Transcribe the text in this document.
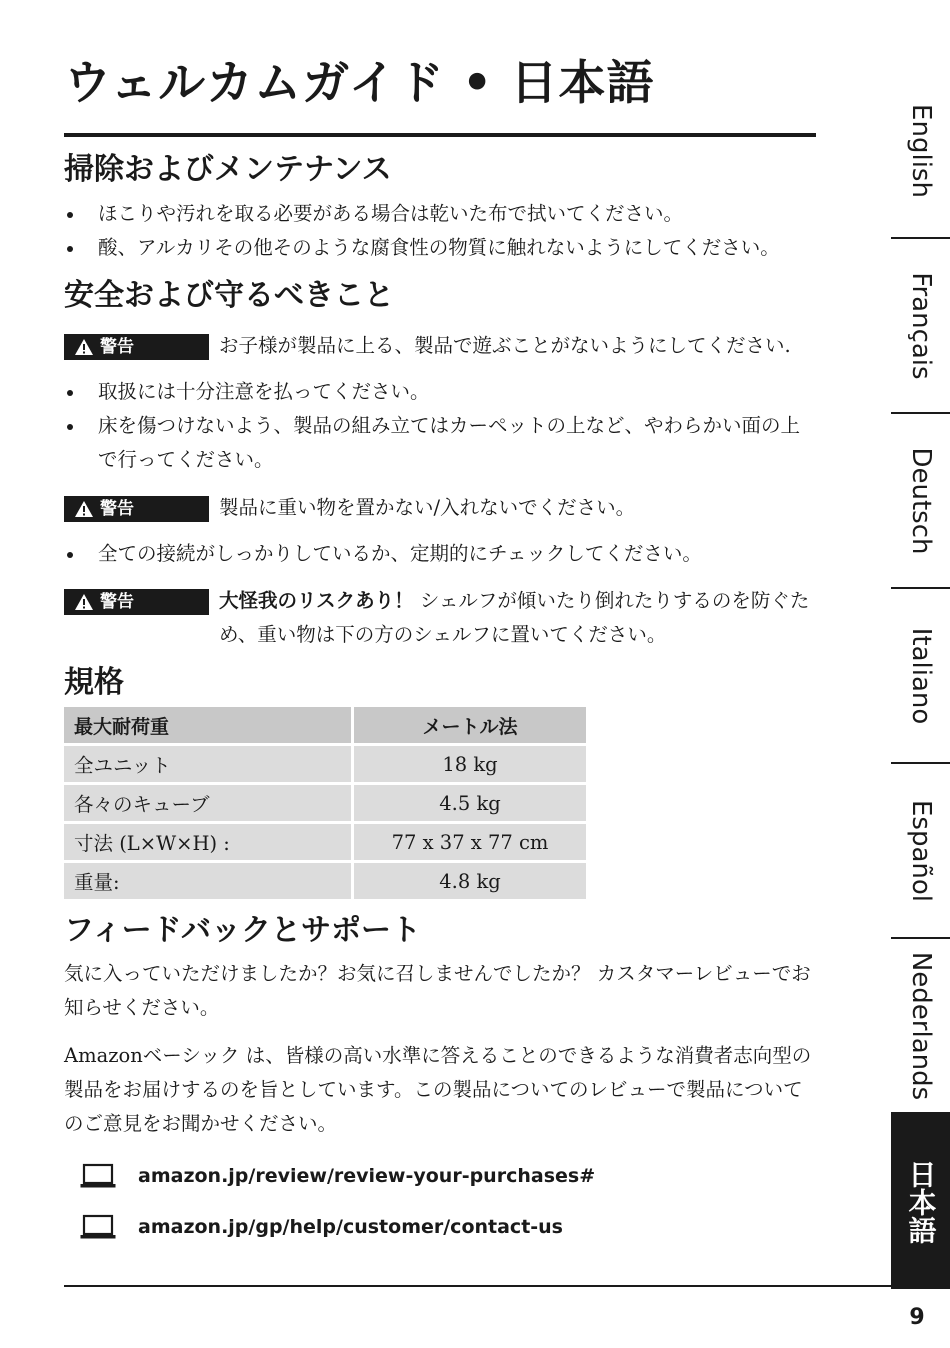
ウェルカムガイド • 日本語
掃除およびメンテナンス
ほこりや汚れを取る必要がある場合は乾いた布で拭いてください。
酸、アルカリその他そのような腐食性の物質に触れないようにしてください。
安全および守るべきこと
警告	お子様が製品に上る、製品で遊ぶことがないようにしてください.
取扱には十分注意を払ってください。
床を傷つけないよう、製品の組み立てはカーペットの上など、やわらかい面の上で行ってください。
警告	製品に重い物を置かない/入れないでください。
全ての接続がしっかりしているか、定期的にチェックしてください。
警告	大怪我のリスクあり！ シェルフが傾いたり倒れたりするのを防ぐため、重い物は下の方のシェルフに置いてください。
規格
最大耐荷重	メートル法
全ユニット	18 kg
各々のキューブ	4.5 kg
寸法 (L×W×H) :	77 x 37 x 77 cm
重量:	4.8 kg
フィードバックとサポート

気に入っていただけましたか？お気に召しませんでしたか？ カスタマーレビューでお知らせください。

Amazonベーシック は、皆様の高い水準に答えることのできるような消費者志向型の製品をお届けするのを旨としています。この製品についてのレビューで製品についてのご意見をお聞かせください。

amazon.jp/review/review-your-purchases#
amazon.jp/gp/help/customer/contact-us
9
English
Français
Deutsch
Italiano
Español
Nederlands
日本語
